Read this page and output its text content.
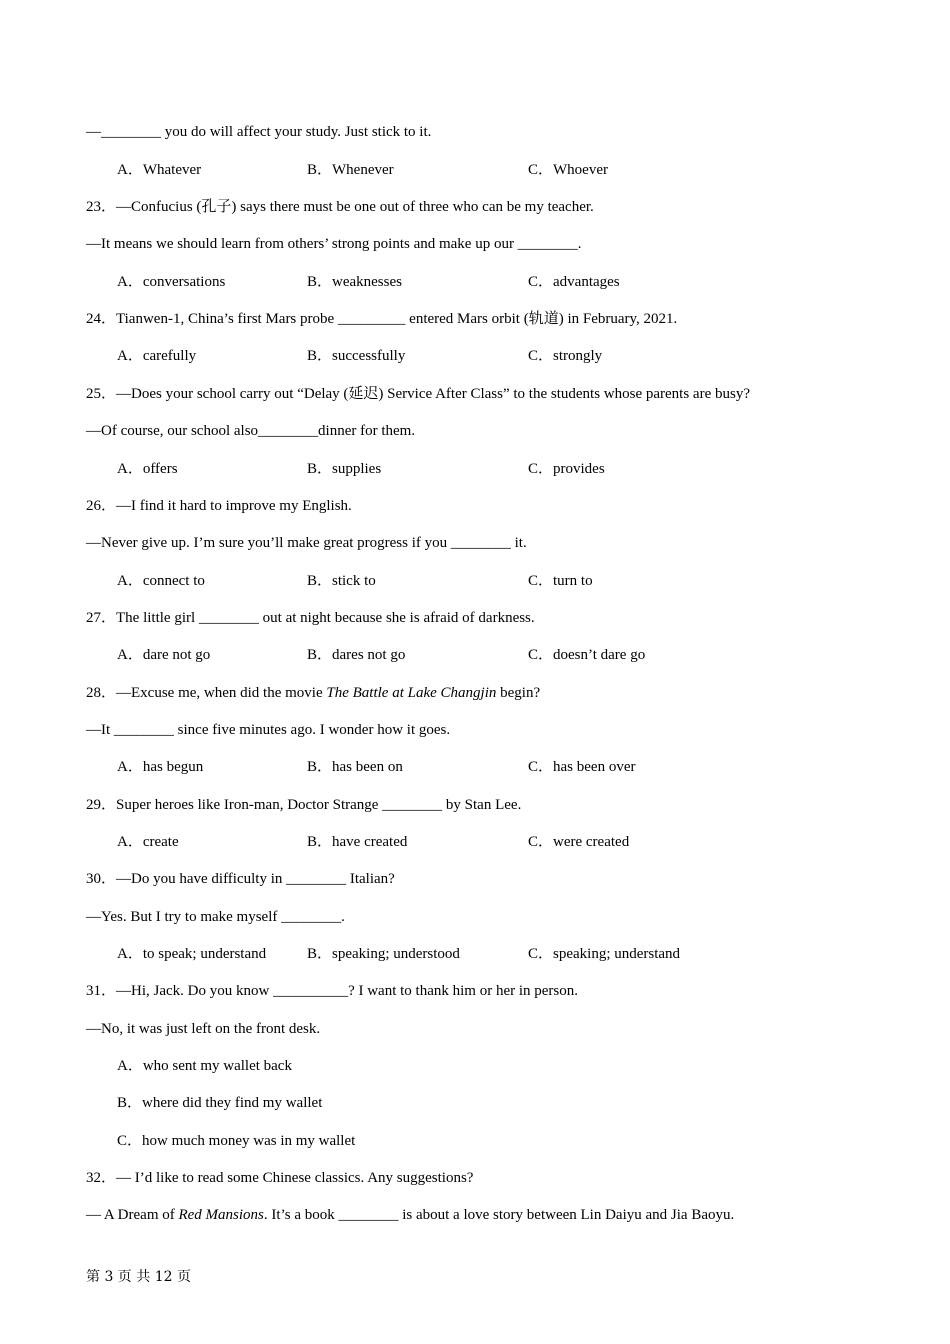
—________ you do will affect your study. Just stick to it.
A．Whatever	B．Whenever	C．Whoever
23．—Confucius (孔子) says there must be one out of three who can be my teacher.
—It means we should learn from others’ strong points and make up our ________.
A．conversations	B．weaknesses	C．advantages
24．Tianwen-1, China’s first Mars probe _________ entered Mars orbit (轨道) in February, 2021.
A．carefully	B．successfully	C．strongly
25．—Does your school carry out “Delay (延迟) Service After Class” to the students whose parents are busy?
—Of course, our school also________dinner for them.
A．offers	B．supplies	C．provides
26．—I find it hard to improve my English.
—Never give up. I’m sure you’ll make great progress if you ________ it.
A．connect to	B．stick to	C．turn to
27．The little girl ________ out at night because she is afraid of darkness.
A．dare not go	B．dares not go	C．doesn’t dare go
28．—Excuse me, when did the movie The Battle at Lake Changjin begin?
—It ________ since five minutes ago. I wonder how it goes.
A．has begun	B．has been on	C．has been over
29．Super heroes like Iron-man, Doctor Strange ________ by Stan Lee.
A．create	B．have created	C．were created
30．—Do you have difficulty in ________ Italian?
—Yes. But I try to make myself ________.
A．to speak; understand	B．speaking; understood	C．speaking; understand
31．—Hi, Jack. Do you know __________? I want to thank him or her in person.
—No, it was just left on the front desk.
A．who sent my wallet back
B．where did they find my wallet
C．how much money was in my wallet
32．— I’d like to read some Chinese classics. Any suggestions?
— A Dream of Red Mansions. It’s a book ________ is about a love story between Lin Daiyu and Jia Baoyu.
第 3 页 共 12 页
